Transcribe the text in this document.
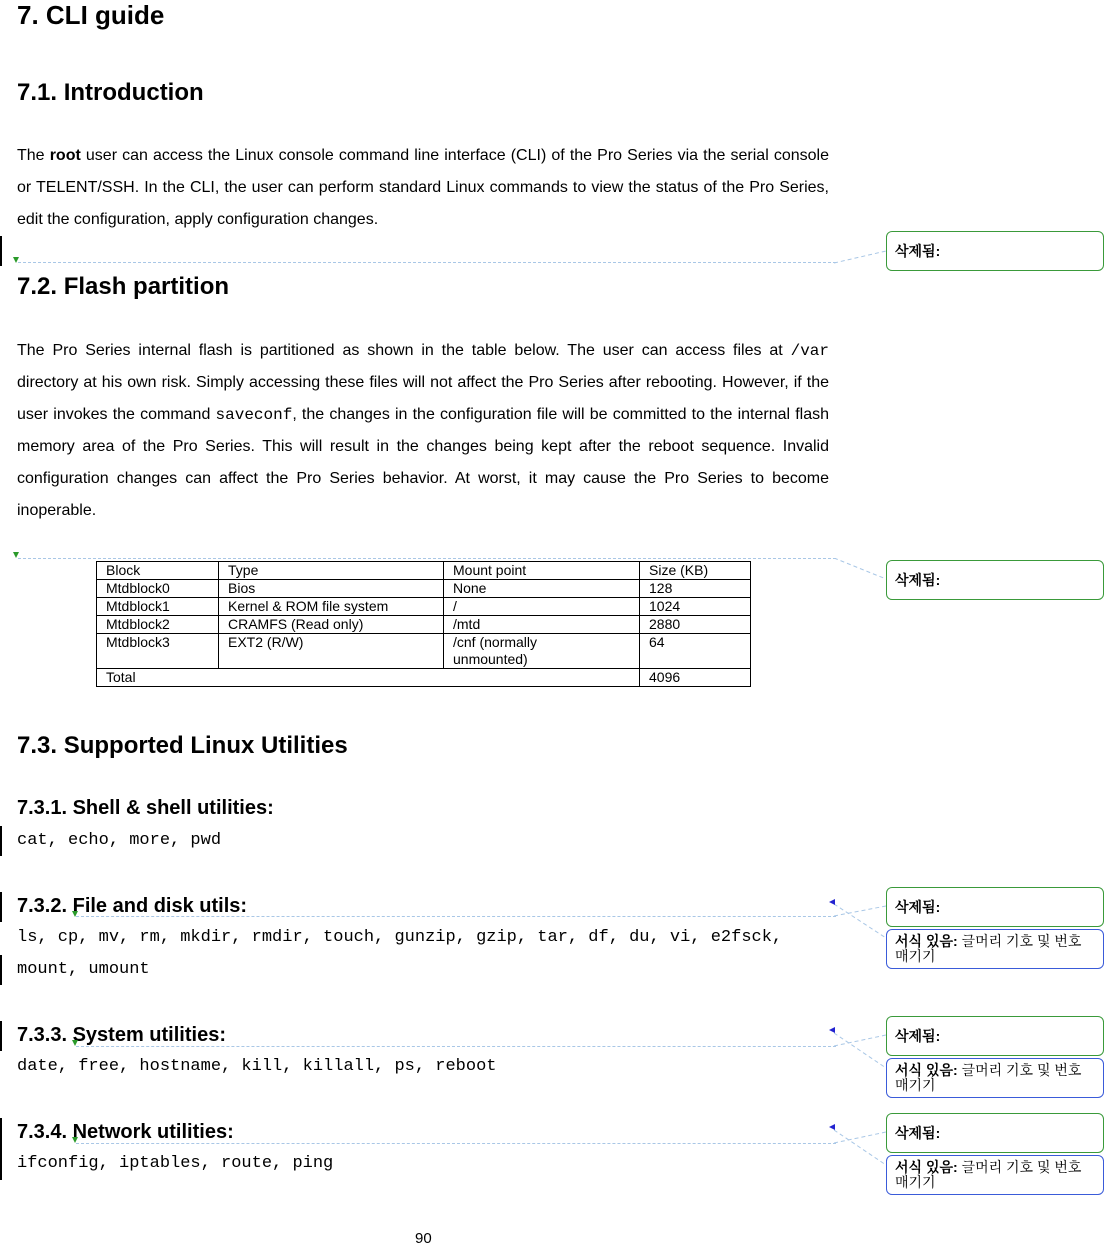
7. CLI guide
7.1. Introduction
The root user can access the Linux console command line interface (CLI) of the Pro Series via the serial console or TELENT/SSH. In the CLI, the user can perform standard Linux commands to view the status of the Pro Series, edit the configuration, apply configuration changes.
7.2. Flash partition
The Pro Series internal flash is partitioned as shown in the table below. The user can access files at /var directory at his own risk. Simply accessing these files will not affect the Pro Series after rebooting. However, if the user invokes the command saveconf, the changes in the configuration file will be committed to the internal flash memory area of the Pro Series. This will result in the changes being kept after the reboot sequence. Invalid configuration changes can affect the Pro Series behavior. At worst, it may cause the Pro Series to become inoperable.
Block	Type	Mount point	Size (KB)
Mtdblock0	Bios	None	128
Mtdblock1	Kernel & ROM file system	/	1024
Mtdblock2	CRAMFS (Read only)	/mtd	2880
Mtdblock3	EXT2 (R/W)	/cnf (normally unmounted)	64
Total			4096
7.3. Supported Linux Utilities
7.3.1. Shell & shell utilities:
cat, echo, more, pwd
7.3.2. File and disk utils:
ls, cp, mv, rm, mkdir, rmdir, touch, gunzip, gzip, tar, df, du, vi, e2fsck,
mount, umount
7.3.3. System utilities:
date, free, hostname, kill, killall, ps, reboot
7.3.4. Network utilities:
ifconfig, iptables, route, ping
90
삭제됨:
삭제됨:
삭제됨:
서식 있음: 글머리 기호 및 번호 매기기
삭제됨:
서식 있음: 글머리 기호 및 번호 매기기
삭제됨:
서식 있음: 글머리 기호 및 번호 매기기
